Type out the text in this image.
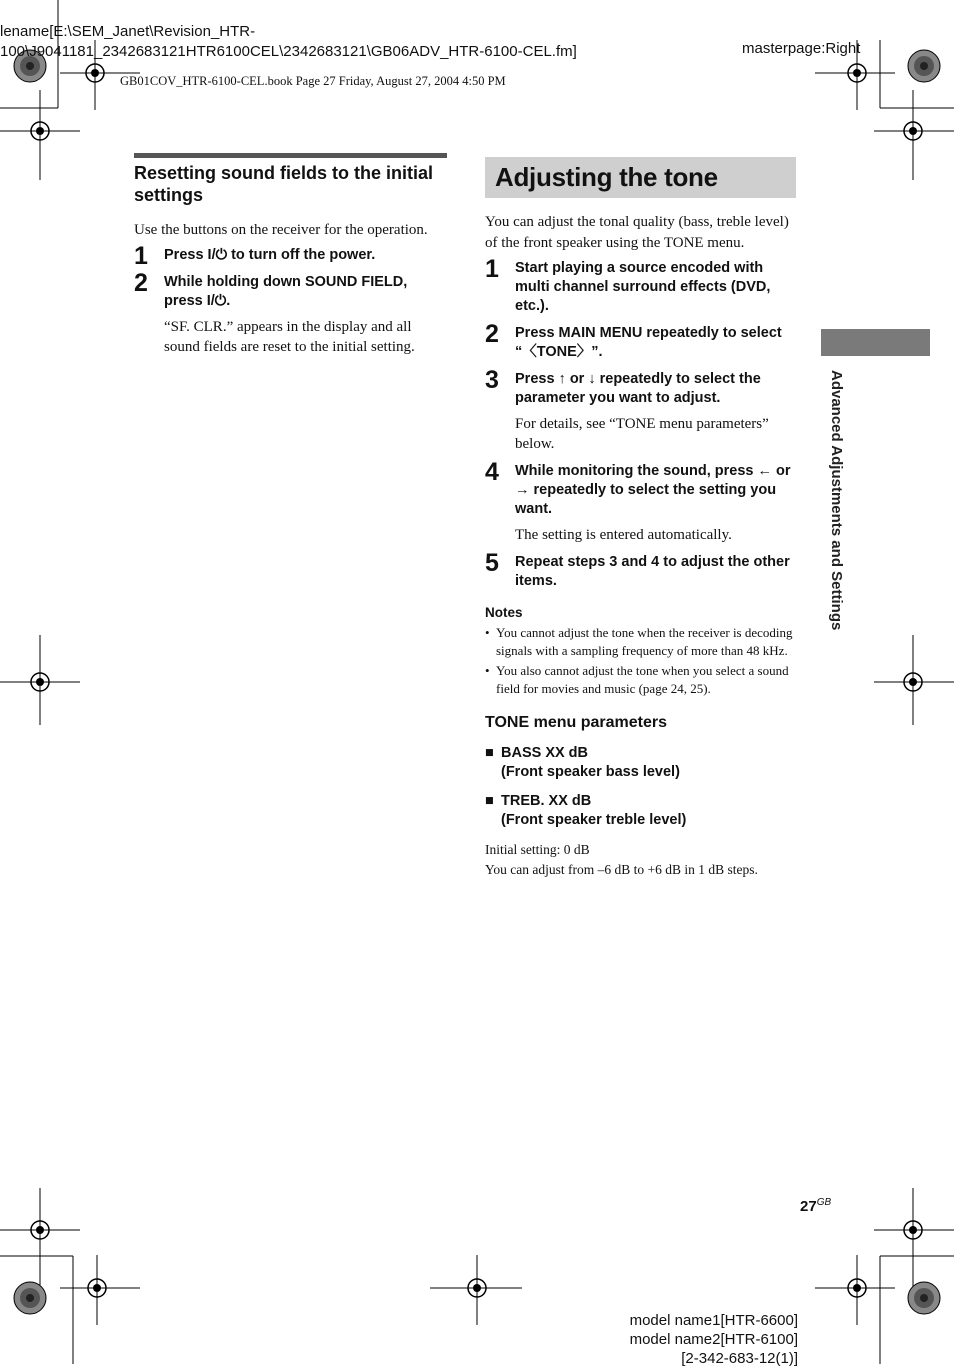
lename[E:\SEM_Janet\Revision_HTR-
100\J9041181_2342683121HTR6100CEL\2342683121\GB06ADV_HTR-6100-CEL.fm]	masterpage:Right
GB01COV_HTR-6100-CEL.book Page 27 Friday, August 27, 2004 4:50 PM
Advanced Adjustments and Settings
Resetting sound fields to the initial settings

Use the buttons on the receiver for the operation.

1 Press I/⏻ to turn off the power.
2 While holding down SOUND FIELD, press I/⏻.
“SF. CLR.” appears in the display and all sound fields are reset to the initial setting.
Adjusting the tone

You can adjust the tonal quality (bass, treble level) of the front speaker using the TONE menu.

1 Start playing a source encoded with multi channel surround effects (DVD, etc.).
2 Press MAIN MENU repeatedly to select “〈TONE〉”.
3 Press ↑ or ↓ repeatedly to select the parameter you want to adjust.
For details, see “TONE menu parameters” below.
4 While monitoring the sound, press ← or → repeatedly to select the setting you want.
The setting is entered automatically.
5 Repeat steps 3 and 4 to adjust the other items.
Notes
• You cannot adjust the tone when the receiver is decoding signals with a sampling frequency of more than 48 kHz.
• You also cannot adjust the tone when you select a sound field for movies and music (page 24, 25).
TONE menu parameters
■ BASS XX dB
(Front speaker bass level)
■ TREB. XX dB
(Front speaker treble level)
Initial setting: 0 dB
You can adjust from –6 dB to +6 dB in 1 dB steps.
$27^{GB}$
model name1[HTR-6600]
model name2[HTR-6100]
[2-342-683-12(1)]
